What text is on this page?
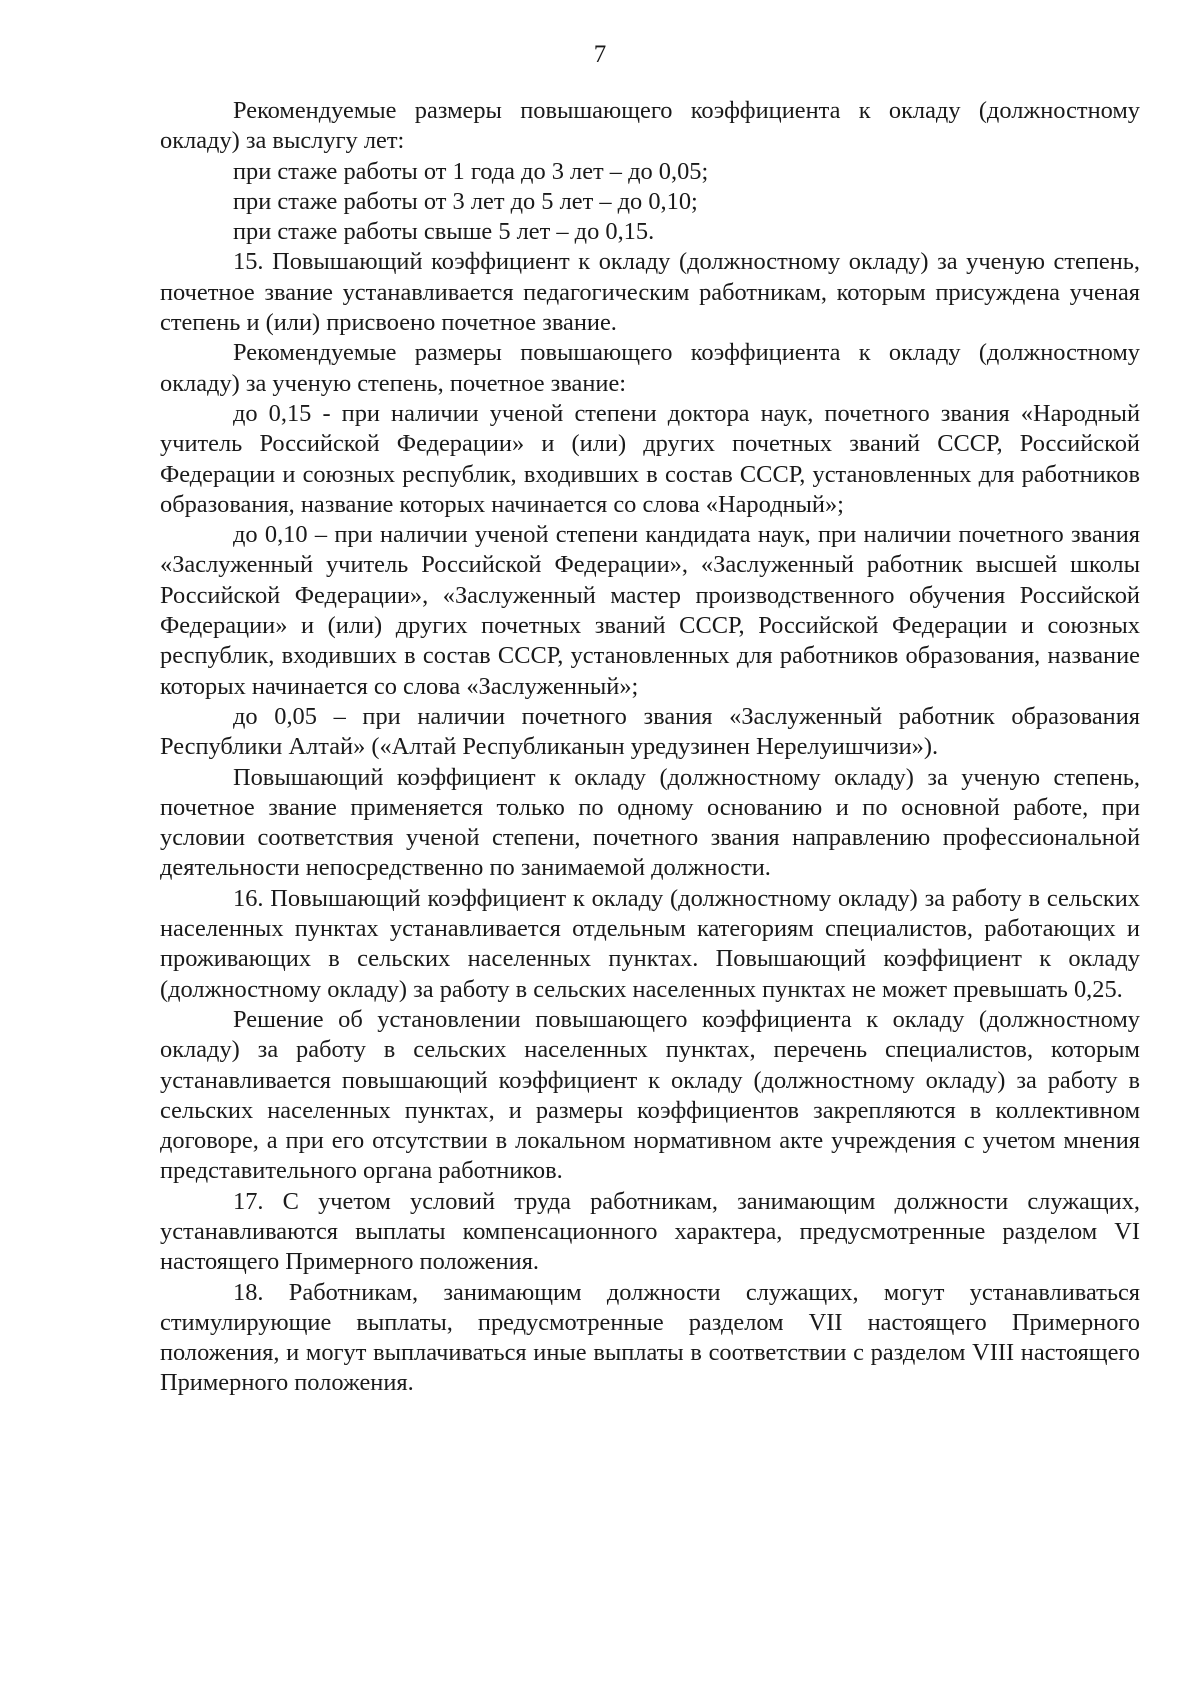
7

Рекомендуемые размеры повышающего коэффициента к окладу (должностному окладу) за выслугу лет:

при стаже работы от 1 года до 3 лет – до 0,05;

при стаже работы от 3 лет до 5 лет – до 0,10;

при стаже работы свыше 5 лет – до 0,15.

15. Повышающий коэффициент к окладу (должностному окладу) за ученую степень, почетное звание устанавливается педагогическим работникам, которым присуждена ученая степень и (или) присвоено почетное звание.

Рекомендуемые размеры повышающего коэффициента к окладу (должностному окладу) за ученую степень, почетное звание:

до 0,15 - при наличии ученой степени доктора наук, почетного звания «Народный учитель Российской Федерации» и (или) других почетных званий СССР, Российской Федерации и союзных республик, входивших в состав СССР, установленных для работников образования, название которых начинается со слова «Народный»;

до 0,10 – при наличии ученой степени кандидата наук, при наличии почетного звания «Заслуженный учитель Российской Федерации», «Заслуженный работник высшей школы Российской Федерации», «Заслуженный мастер производственного обучения Российской Федерации» и (или) других почетных званий СССР, Российской Федерации и союзных республик, входивших в состав СССР, установленных для работников образования, название которых начинается со слова «Заслуженный»;

до 0,05 – при наличии почетного звания «Заслуженный работник образования Республики Алтай» («Алтай Республиканын уредузинен Нерелуишчизи»).

Повышающий коэффициент к окладу (должностному окладу) за ученую степень, почетное звание применяется только по одному основанию и по основной работе, при условии соответствия ученой степени, почетного звания направлению профессиональной деятельности непосредственно по занимаемой должности.

16. Повышающий коэффициент к окладу (должностному окладу) за работу в сельских населенных пунктах устанавливается отдельным категориям специалистов, работающих и проживающих в сельских населенных пунктах. Повышающий коэффициент к окладу (должностному окладу) за работу в сельских населенных пунктах не может превышать 0,25.

Решение об установлении повышающего коэффициента к окладу (должностному окладу) за работу в сельских населенных пунктах, перечень специалистов, которым устанавливается повышающий коэффициент к окладу (должностному окладу) за работу в сельских населенных пунктах, и размеры коэффициентов закрепляются в коллективном договоре, а при его отсутствии в локальном нормативном акте учреждения с учетом мнения представительного органа работников.

17. С учетом условий труда работникам, занимающим должности служащих, устанавливаются выплаты компенсационного характера, предусмотренные разделом VI настоящего Примерного положения.

18. Работникам, занимающим должности служащих, могут устанавливаться стимулирующие выплаты, предусмотренные разделом VII настоящего Примерного положения, и могут выплачиваться иные выплаты в соответствии с разделом VIII настоящего Примерного положения.
